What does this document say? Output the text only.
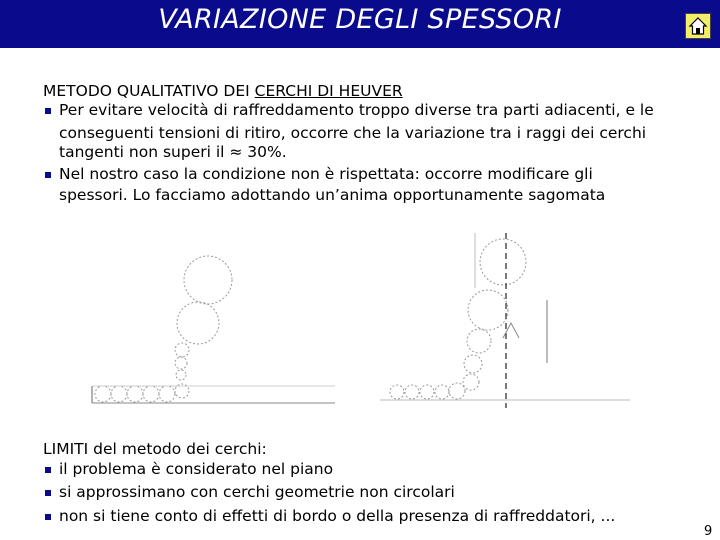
VARIAZIONE DEGLI SPESSORI
METODO QUALITATIVO DEI CERCHI DI HEUVER
Per evitare velocità di raffreddamento troppo diverse tra parti adiacenti, e le
conseguenti tensioni di ritiro, occorre che la variazione tra i raggi dei cerchi
tangenti non superi il ≈ 30%.
Nel nostro caso la condizione non è rispettata: occorre modificare gli
spessori. Lo facciamo adottando un’anima opportunamente sagomata
LIMITI del metodo dei cerchi:
il problema è considerato nel piano
si approssimano con cerchi geometrie non circolari
non si tiene conto di effetti di bordo o della presenza di raffreddatori, ...
9
